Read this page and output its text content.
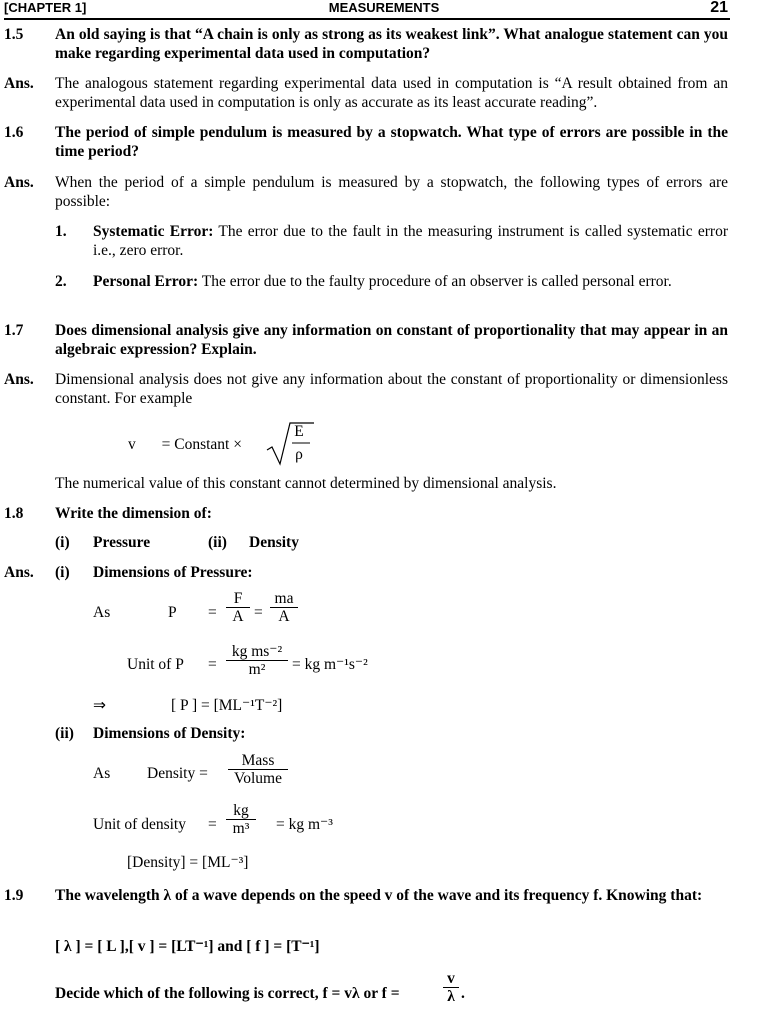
[CHAPTER 1]	MEASUREMENTS	21
1.5 An old saying is that “A chain is only as strong as its weakest link”. What analogue statement can you make regarding experimental data used in computation?
Ans. The analogous statement regarding experimental data used in computation is “A result obtained from an experimental data used in computation is only as accurate as its least accurate reading”.
1.6 The period of simple pendulum is measured by a stopwatch. What type of errors are possible in the time period?
Ans. When the period of a simple pendulum is measured by a stopwatch, the following types of errors are possible:
1. Systematic Error: The error due to the fault in the measuring instrument is called systematic error i.e., zero error.
2. Personal Error: The error due to the faulty procedure of an observer is called personal error.
1.7 Does dimensional analysis give any information on constant of proportionality that may appear in an algebraic expression? Explain.
Ans. Dimensional analysis does not give any information about the constant of proportionality or dimensionless constant. For example
v = Constant ×
E
ρ
The numerical value of this constant cannot determined by dimensional analysis.
1.8 Write the dimension of:
(i) Pressure	(ii) Density
Ans. (i) Dimensions of Pressure:
As	$P = \frac{F}{A} = \frac{ma}{A}$
Unit of $P = \frac{\text{kg ms⁻²}}{\text{m²}}$ = kg m⁻¹s⁻²
⇒	[ P ] = [ML⁻¹T⁻²]
(ii) Dimensions of Density:
As Density =
Mass
Volume
Unit of density = $\frac{kg}{\text{m³}}$ = kg m⁻³
[Density] = [ML⁻³]
1.9 The wavelength λ of a wave depends on the speed v of the wave and its frequency f. Knowing that:
[ λ ] = [ L ],[ v ] = [LT⁻¹] and [ f ] = [T⁻¹]
Decide which of the following is correct, f = vλ or f =	$\frac{v}{\lambda}$ .
